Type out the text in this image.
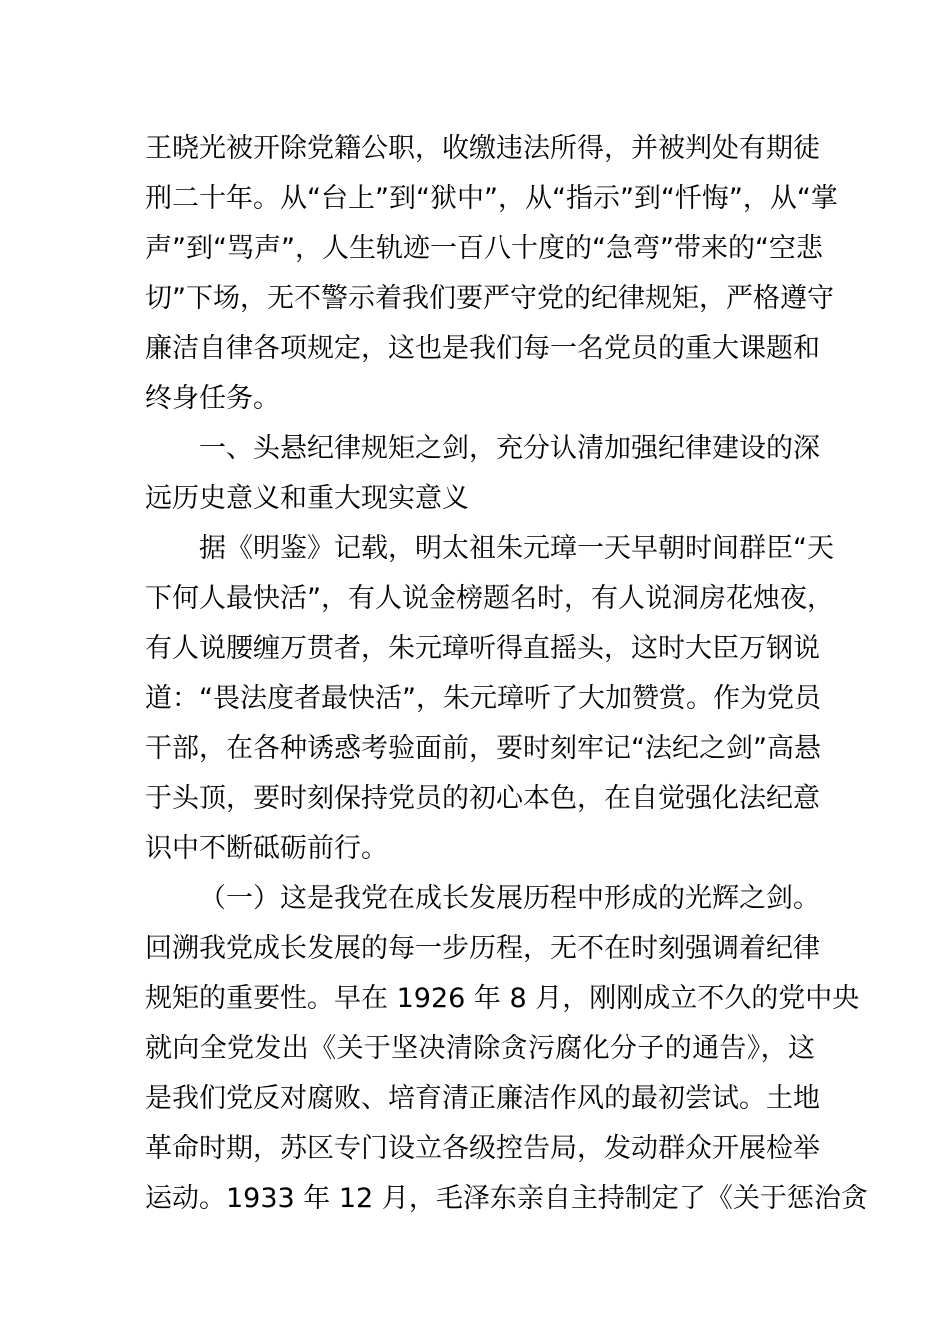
王晓光被开除党籍公职，收缴违法所得，并被判处有期徒
刑二十年。从“台上”到“狱中”，从“指示”到“忏悔”，从“掌
声”到“骂声”，人生轨迹一百八十度的“急弯”带来的“空悲
切”下场，无不警示着我们要严守党的纪律规矩，严格遵守
廉洁自律各项规定，这也是我们每一名党员的重大课题和
终身任务。
一、头悬纪律规矩之剑，充分认清加强纪律建设的深
远历史意义和重大现实意义
据《明鉴》记载，明太祖朱元璋一天早朝时间群臣“天
下何人最快活”，有人说金榜题名时，有人说洞房花烛夜，
有人说腰缠万贯者，朱元璋听得直摇头，这时大臣万钢说
道：“畏法度者最快活”，朱元璋听了大加赞赏。作为党员
干部，在各种诱惑考验面前，要时刻牢记“法纪之剑”高悬
于头顶，要时刻保持党员的初心本色，在自觉强化法纪意
识中不断砥砺前行。
（一）这是我党在成长发展历程中形成的光辉之剑。
回溯我党成长发展的每一步历程，无不在时刻强调着纪律
规矩的重要性。早在 1926 年 8 月，刚刚成立不久的党中央
就向全党发出《关于坚决清除贪污腐化分子的通告》，这
是我们党反对腐败、培育清正廉洁作风的最初尝试。土地
革命时期，苏区专门设立各级控告局，发动群众开展检举
运动。1933 年 12 月，毛泽东亲自主持制定了《关于惩治贪
